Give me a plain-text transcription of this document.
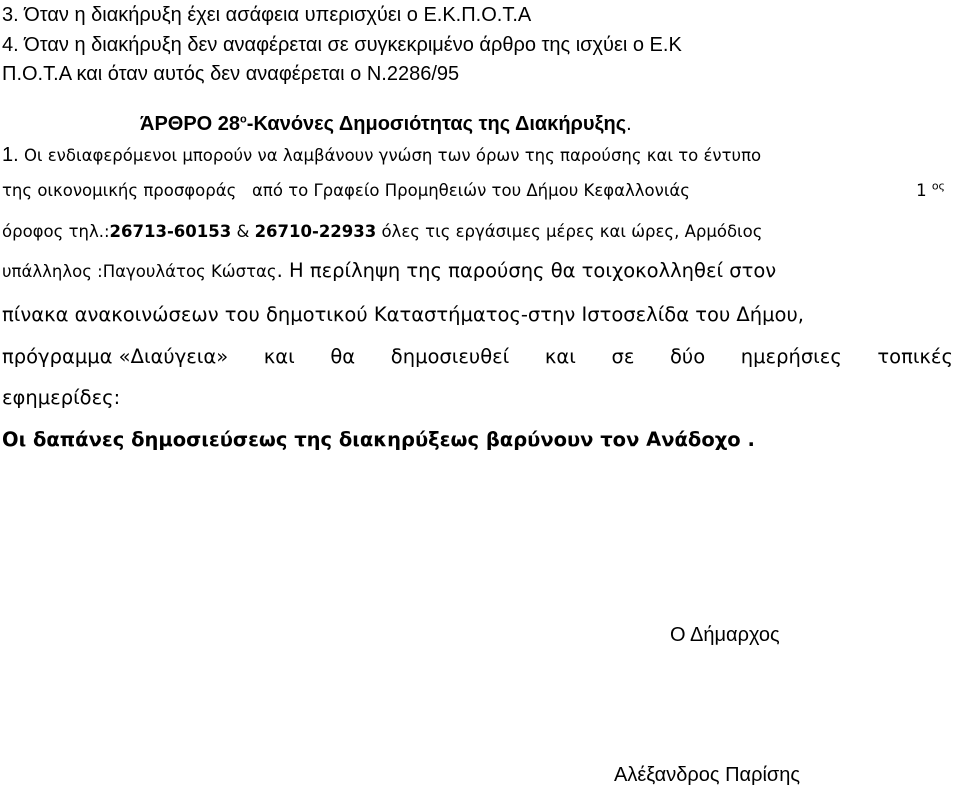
3. Όταν η διακήρυξη έχει ασάφεια υπερισχύει ο Ε.Κ.Π.Ο.Τ.Α
4. Όταν η διακήρυξη δεν αναφέρεται σε συγκεκριμένο άρθρο της ισχύει ο Ε.Κ
Π.Ο.Τ.Α και όταν αυτός δεν αναφέρεται ο Ν.2286/95
ΆΡΘΡΟ $28^o$-Κανόνες Δημοσιότητας της Διακήρυξης.
1. Οι ενδιαφερόμενοι μπορούν να λαμβάνουν γνώση των όρων της παρούσης και το έντυπο
της οικονομικής προσφοράς από το Γραφείο Προμηθειών του Δήμου Κεφαλλονιάς	1 $^{o\varsigma}$
όροφος τηλ.:26713-60153 & 26710-22933 όλες τις εργάσιμες μέρες και ώρες, Αρμόδιος
υπάλληλος :Παγουλάτος Κώστας. Η περίληψη της παρούσης θα τοιχοκολληθεί στον
πίνακα ανακοινώσεων του δημοτικού Καταστήματος-στην Ιστοσελίδα του Δήμου,
πρόγραμμα «Διαύγεια» και θα δημοσιευθεί και σε δύο ημερήσιες τοπικές
εφημερίδες:
Οι δαπάνες δημοσιεύσεως της διακηρύξεως βαρύνουν τον Ανάδοχο .
Ο Δήμαρχος
Αλέξανδρος Παρίσης
